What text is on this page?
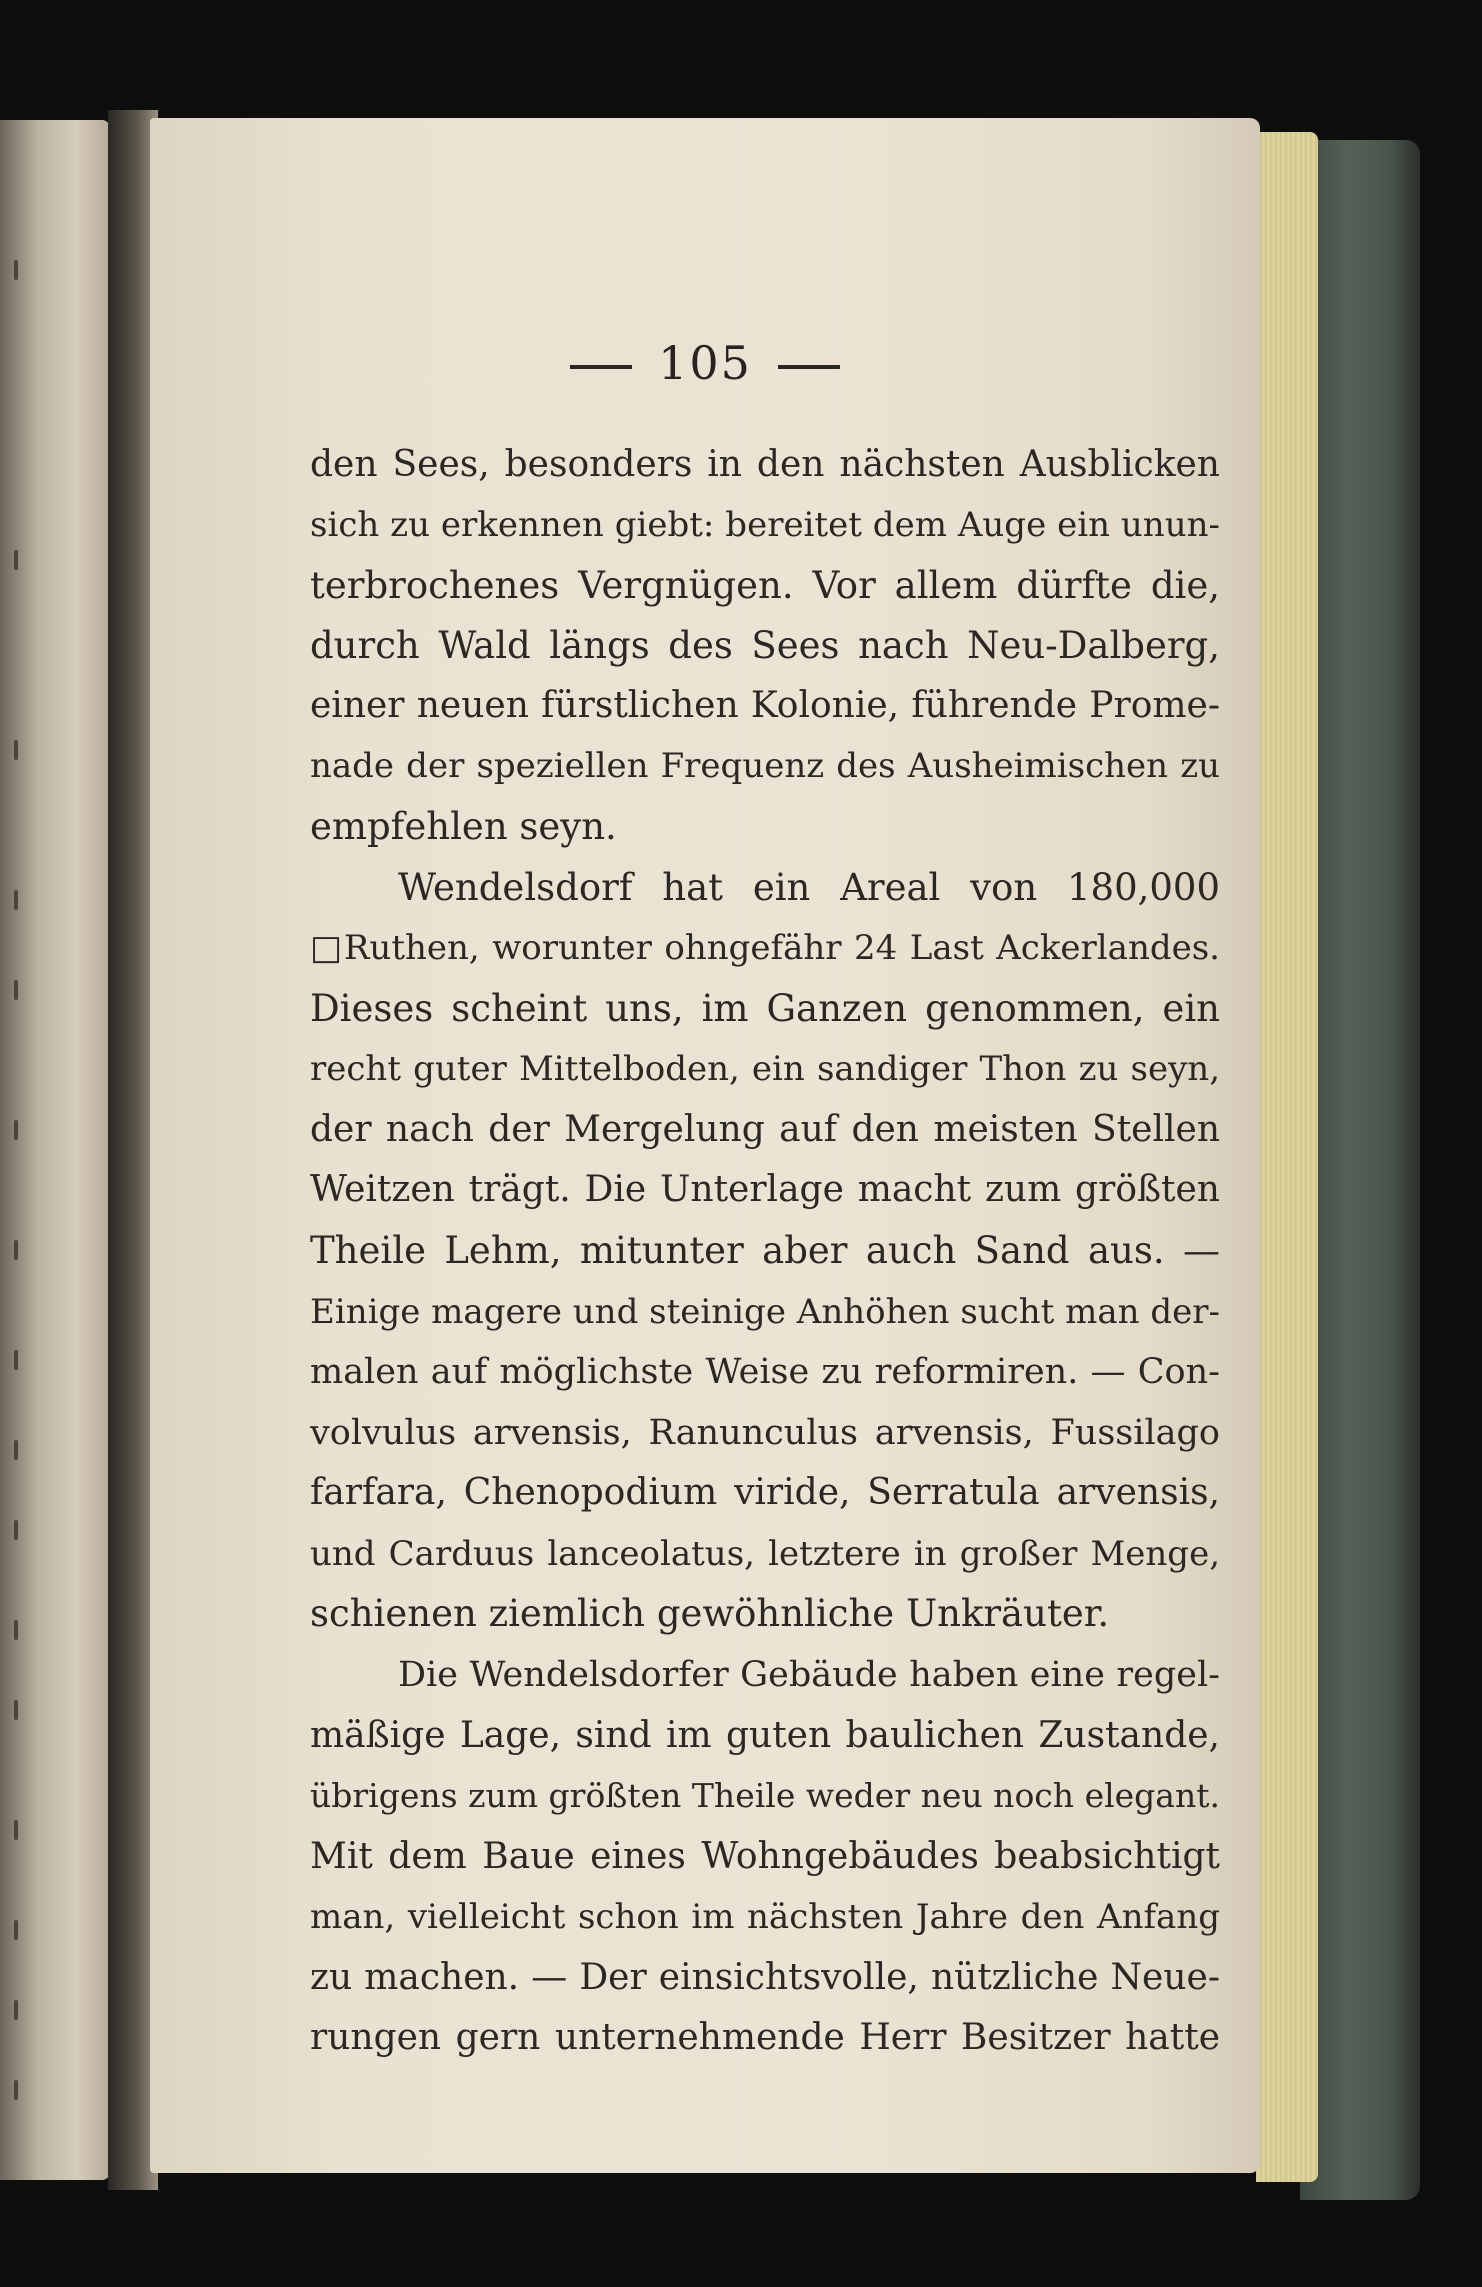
105
den Sees, besonders in den nächsten Ausblicken
sich zu erkennen giebt: bereitet dem Auge ein unun-
terbrochenes Vergnügen. Vor allem dürfte die,
durch Wald längs des Sees nach Neu-Dalberg,
einer neuen fürstlichen Kolonie, führende Prome-
nade der speziellen Frequenz des Ausheimischen zu
empfehlen seyn.
Wendelsdorf hat ein Areal von 180,000
□Ruthen, worunter ohngefähr 24 Last Ackerlandes.
Dieses scheint uns, im Ganzen genommen, ein
recht guter Mittelboden, ein sandiger Thon zu seyn,
der nach der Mergelung auf den meisten Stellen
Weitzen trägt. Die Unterlage macht zum größten
Theile Lehm, mitunter aber auch Sand aus. —
Einige magere und steinige Anhöhen sucht man der-
malen auf möglichste Weise zu reformiren. — Con-
volvulus arvensis, Ranunculus arvensis, Fussilago
farfara, Chenopodium viride, Serratula arvensis,
und Carduus lanceolatus, letztere in großer Menge,
schienen ziemlich gewöhnliche Unkräuter.
Die Wendelsdorfer Gebäude haben eine regel-
mäßige Lage, sind im guten baulichen Zustande,
übrigens zum größten Theile weder neu noch elegant.
Mit dem Baue eines Wohngebäudes beabsichtigt
man, vielleicht schon im nächsten Jahre den Anfang
zu machen. — Der einsichtsvolle, nützliche Neue-
rungen gern unternehmende Herr Besitzer hatte
